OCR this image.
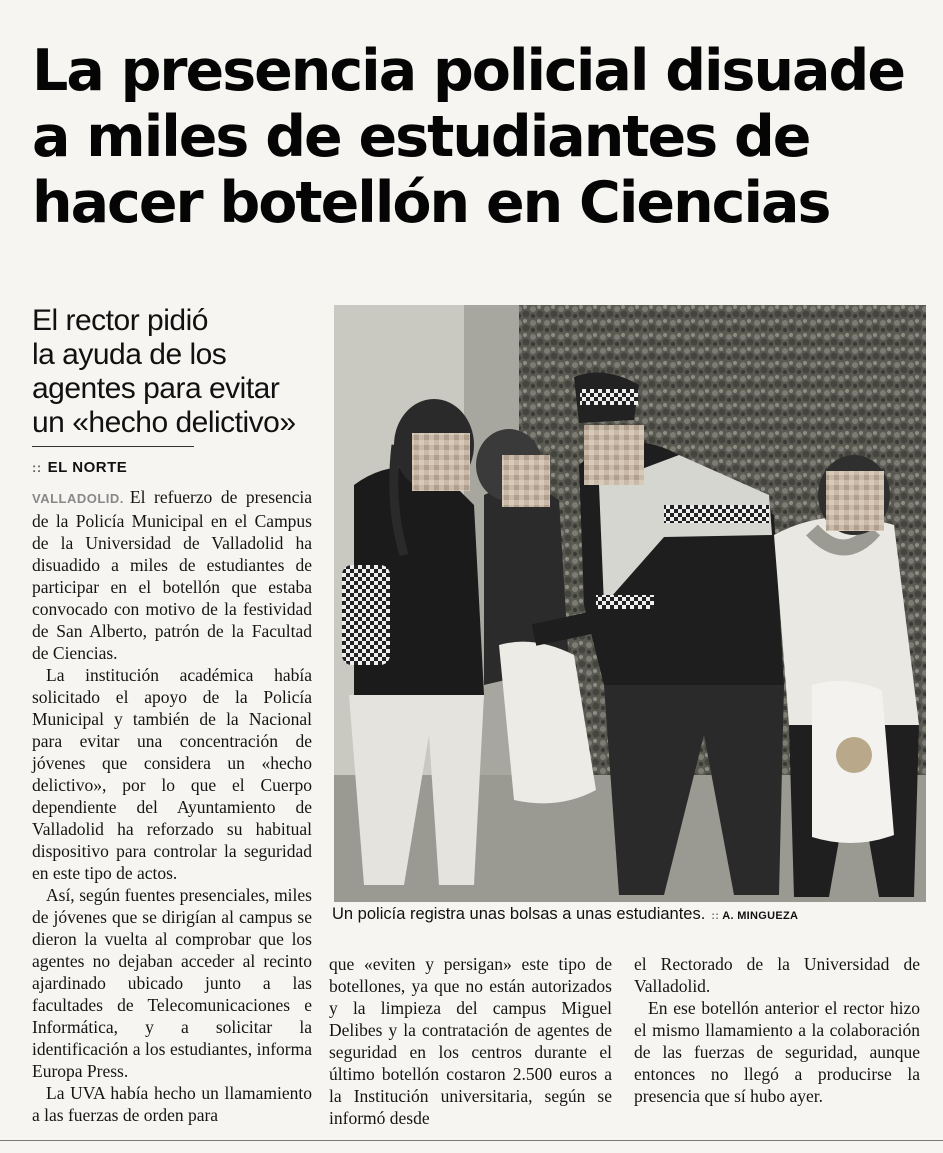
La presencia policial disuade
a miles de estudiantes de
hacer botellón en Ciencias
El rector pidió
la ayuda de los
agentes para evitar
un «hecho delictivo»
:: EL NORTE

VALLADOLID. El refuerzo de presencia de la Policía Municipal en el Campus de la Universidad de Valladolid ha disuadido a miles de estudiantes de participar en el botellón que estaba convocado con motivo de la festividad de San Alberto, patrón de la Facultad de Ciencias.

La institución académica había solicitado el apoyo de la Policía Municipal y también de la Nacional para evitar una concentración de jóvenes que considera un «hecho delictivo», por lo que el Cuerpo dependiente del Ayuntamiento de Valladolid ha reforzado su habitual dispositivo para controlar la seguridad en este tipo de actos.

Así, según fuentes presenciales, miles de jóvenes que se dirigían al campus se dieron la vuelta al comprobar que los agentes no dejaban acceder al recinto ajardinado ubicado junto a las facultades de Telecomunicaciones e Informática, y a solicitar la identificación a los estudiantes, informa Europa Press.

La UVA había hecho un llamamiento a las fuerzas de orden para

Un policía registra unas bolsas a unas estudiantes. :: A. MINGUEZA

que «eviten y persigan» este tipo de botellones, ya que no están autorizados y la limpieza del campus Miguel Delibes y la contratación de agentes de seguridad en los centros durante el último botellón costaron 2.500 euros a la Institución universitaria, según se informó desde

el Rectorado de la Universidad de Valladolid.

En ese botellón anterior el rector hizo el mismo llamamiento a la colaboración de las fuerzas de seguridad, aunque entonces no llegó a producirse la presencia que sí hubo ayer.
